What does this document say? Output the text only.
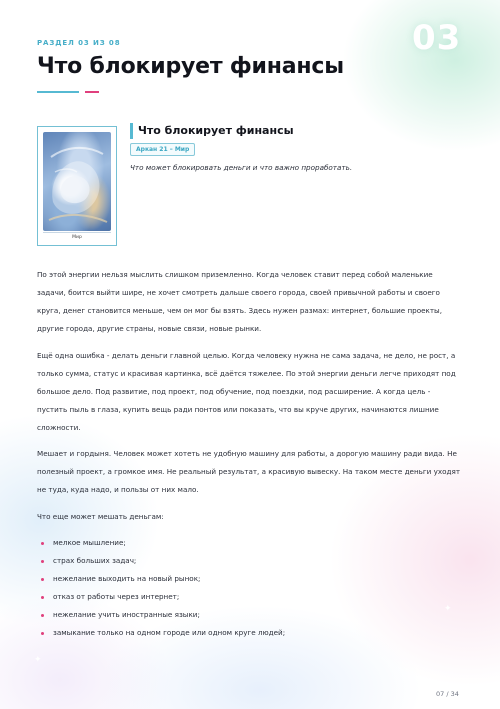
РАЗДЕЛ 03 ИЗ 08	03
Что блокирует финансы
Мир
Что блокирует финансы
Аркан 21 – Мир
Что может блокировать деньги и что важно проработать.

По этой энергии нельзя мыслить слишком приземленно. Когда человек ставит перед собой маленькие задачи, боится выйти шире, не хочет смотреть дальше своего города, своей привычной работы и своего круга, денег становится меньше, чем он мог бы взять. Здесь нужен размах: интернет, большие проекты, другие города, другие страны, новые связи, новые рынки.

Ещё одна ошибка - делать деньги главной целью. Когда человеку нужна не сама задача, не дело, не рост, а только сумма, статус и красивая картинка, всё даётся тяжелее. По этой энергии деньги легче приходят под большое дело. Под развитие, под проект, под обучение, под поездки, под расширение. А когда цель - пустить пыль в глаза, купить вещь ради понтов или показать, что вы круче других, начинаются лишние сложности.

Мешает и гордыня. Человек может хотеть не удобную машину для работы, а дорогую машину ради вида. Не полезный проект, а громкое имя. Не реальный результат, а красивую вывеску. На таком месте деньги уходят не туда, куда надо, и пользы от них мало.

Что еще может мешать деньгам:

мелкое мышление;
страх больших задач;
нежелание выходить на новый рынок;
отказ от работы через интернет;
нежелание учить иностранные языки;
замыкание только на одном городе или одном круге людей;
✦
✦
07 / 34
